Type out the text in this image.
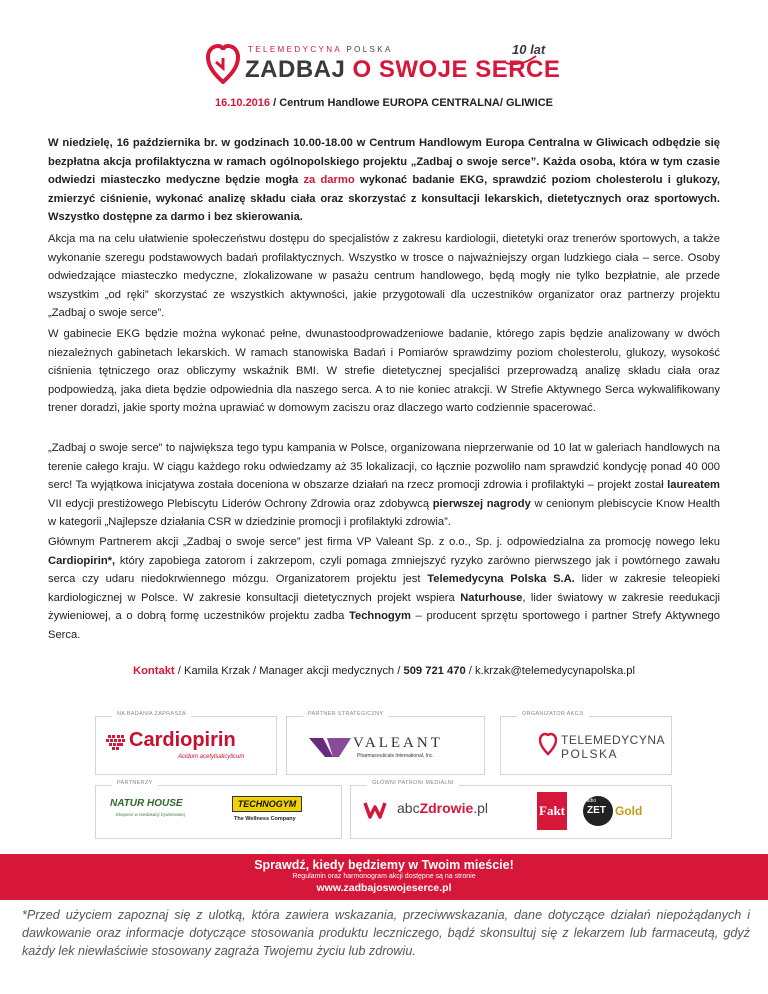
TELEMEDYCYNA POLSKA
ZADBAJ O SWOJE SERCE
10 lat
16.10.2016 / Centrum Handlowe EUROPA CENTRALNA/ GLIWICE

W niedzielę, 16 października br. w godzinach 10.00-18.00 w Centrum Handlowym Europa Centralna w Gliwicach odbędzie się bezpłatna akcja profilaktyczna w ramach ogólnopolskiego projektu „Zadbaj o swoje serce”. Każda osoba, która w tym czasie odwiedzi miasteczko medyczne będzie mogła za darmo wykonać badanie EKG, sprawdzić poziom cholesterolu i glukozy, zmierzyć ciśnienie, wykonać analizę składu ciała oraz skorzystać z konsultacji lekarskich, dietetycznych oraz sportowych. Wszystko dostępne za darmo i bez skierowania.

Akcja ma na celu ułatwienie społeczeństwu dostępu do specjalistów z zakresu kardiologii, dietetyki oraz trenerów sportowych, a także wykonanie szeregu podstawowych badań profilaktycznych. Wszystko w trosce o najważniejszy organ ludzkiego ciała – serce. Osoby odwiedzające miasteczko medyczne, zlokalizowane w pasażu centrum handlowego, będą mogły nie tylko bezpłatnie, ale przede wszystkim „od ręki” skorzystać ze wszystkich aktywności, jakie przygotowali dla uczestników organizator oraz partnerzy projektu „Zadbaj o swoje serce”.

W gabinecie EKG będzie można wykonać pełne, dwunastoodprowadzeniowe badanie, którego zapis będzie analizowany w dwóch niezależnych gabinetach lekarskich. W ramach stanowiska Badań i Pomiarów sprawdzimy poziom cholesterolu, glukozy, wysokość ciśnienia tętniczego oraz obliczymy wskaźnik BMI. W strefie dietetycznej specjaliści przeprowadzą analizę składu ciała oraz podpowiedzą, jaka dieta będzie odpowiednia dla naszego serca. A to nie koniec atrakcji. W Strefie Aktywnego Serca wykwalifikowany trener doradzi, jakie sporty można uprawiać w domowym zaciszu oraz dlaczego warto codziennie spacerować.

„Zadbaj o swoje serce” to największa tego typu kampania w Polsce, organizowana nieprzerwanie od 10 lat w galeriach handlowych na terenie całego kraju. W ciągu każdego roku odwiedzamy aż 35 lokalizacji, co łącznie pozwoliło nam sprawdzić kondycję ponad 40 000 serc! Ta wyjątkowa inicjatywa została doceniona w obszarze działań na rzecz promocji zdrowia i profilaktyki – projekt został laureatem VII edycji prestiżowego Plebiscytu Liderów Ochrony Zdrowia oraz zdobywcą pierwszej nagrody w cenionym plebiscycie Know Health w kategorii „Najlepsze działania CSR w dziedzinie promocji i profilaktyki zdrowia”.

Głównym Partnerem akcji „Zadbaj o swoje serce” jest firma VP Valeant Sp. z o.o., Sp. j. odpowiedzialna za promocję nowego leku Cardiopirin*, który zapobiega zatorom i zakrzepom, czyli pomaga zmniejszyć ryzyko zarówno pierwszego jak i powtórnego zawału serca czy udaru niedokrwiennego mózgu. Organizatorem projektu jest Telemedycyna Polska S.A. lider w zakresie teleopieki kardiologicznej w Polsce. W zakresie konsultacji dietetycznych projekt wspiera Naturhouse, lider światowy w zakresie reedukacji żywieniowej, a o dobrą formę uczestników projektu zadba Technogym – producent sprzętu sportowego i partner Strefy Aktywnego Serca.

Kontakt / Kamila Krzak / Manager akcji medycznych / 509 721 470 / k.krzak@telemedycynapolska.pl
NA BADANIA ZAPRASZA
Cardiopirin
Acidum acetylsalicylicum
PARTNER STRATEGICZNY
VALEANT
Pharmaceuticals International, Inc.
ORGANIZATOR AKCJI
TELEMEDYCYNA
POLSKA
PARTNERZY
NATUR HOUSE
Eksperci w reedukacji żywieniowej
TECHNOGYM
The Wellness Company
GŁÓWNI PATRONI MEDIALNI
abcZdrowie.pl	Fakt
radio
ZET Gold
Sprawdź, kiedy będziemy w Twoim mieście!
Regulamin oraz harmonogram akcji dostępne są na stronie
www.zadbajoswojeserce.pl
*Przed użyciem zapoznaj się z ulotką, która zawiera wskazania, przeciwwskazania, dane dotyczące działań niepożądanych i dawkowanie oraz informacje dotyczące stosowania produktu leczniczego, bądź skonsultuj się z lekarzem lub farmaceutą, gdyż każdy lek niewłaściwie stosowany zagraża Twojemu życiu lub zdrowiu.
